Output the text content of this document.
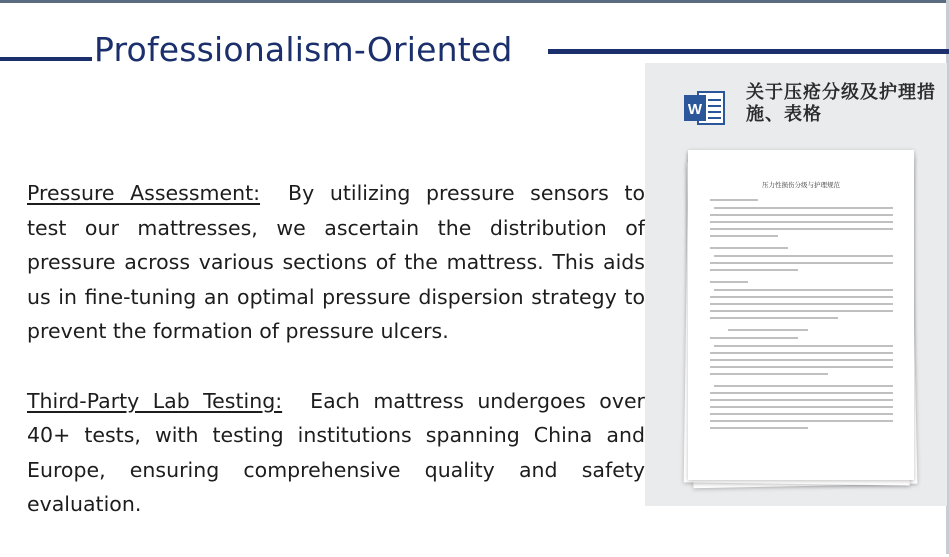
Professionalism-Oriented

Pressure Assessment: By utilizing pressure sensors to test our mattresses, we ascertain the distribution of pressure across various sections of the mattress. This aids us in fine-tuning an optimal pressure dispersion strategy to prevent the formation of pressure ulcers.

Third-Party Lab Testing: Each mattress undergoes over 40+ tests, with testing institutions spanning China and Europe, ensuring comprehensive quality and safety evaluation.

W
关于压疮分级及护理措施、表格
压力性损伤分级与护理规范
